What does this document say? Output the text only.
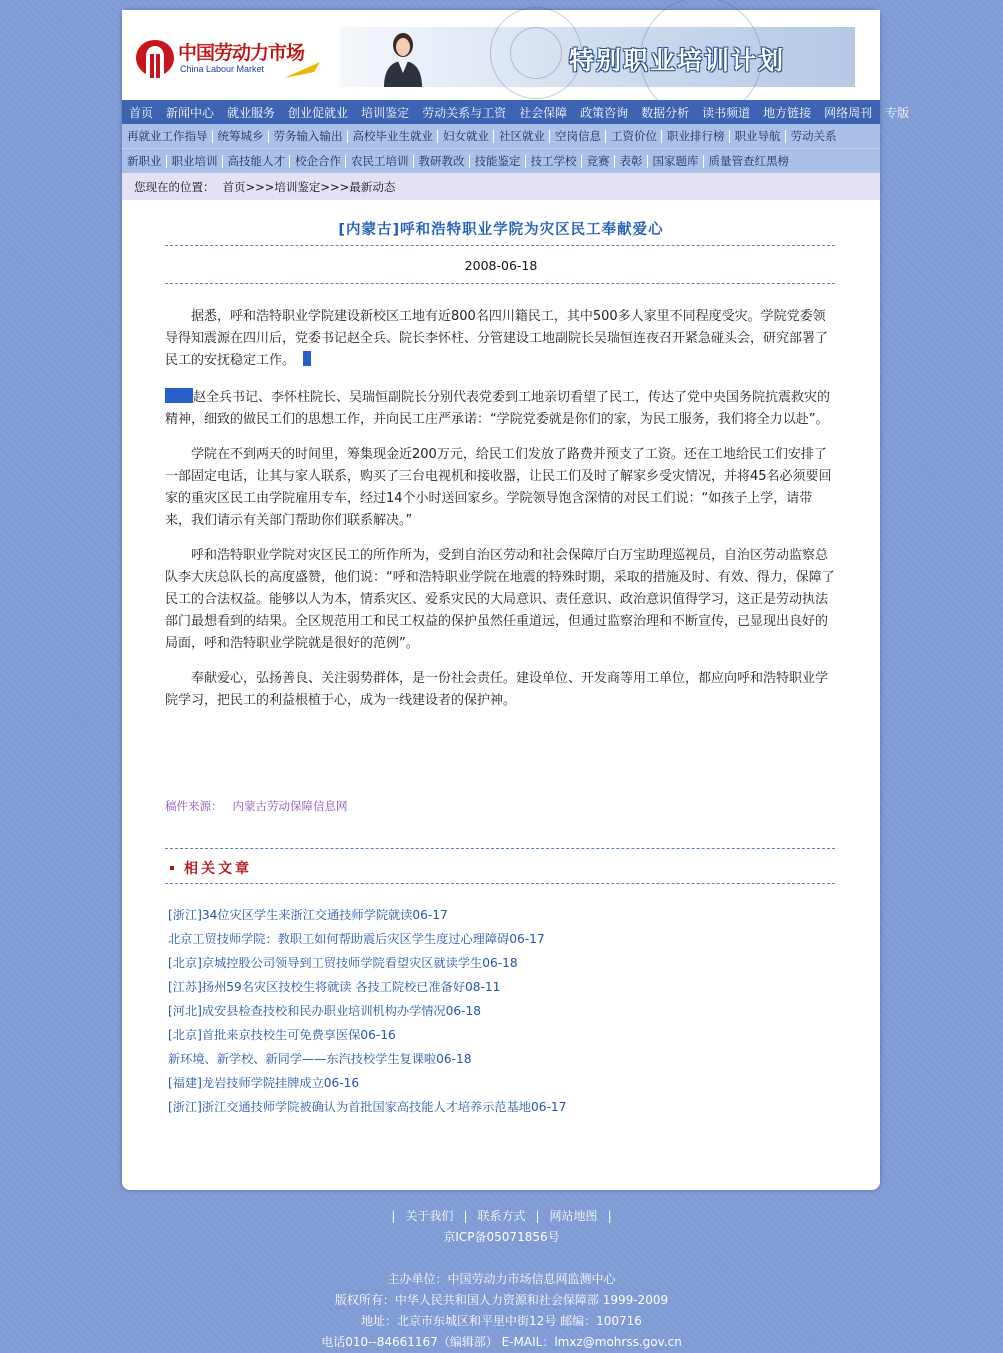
中国劳动力市场
China Labour Market	特别职业培训计划
首页	新闻中心	就业服务	创业促就业	培训鉴定	劳动关系与工资	社会保障	政策咨询	数据分析	读书频道	地方链接	网络周刊	专版
再就业工作指导 统筹城乡 劳务输入输出 高校毕业生就业 妇女就业 社区就业 空岗信息 工资价位 职业排行榜 职业导航 劳动关系
新职业 职业培训 高技能人才 校企合作 农民工培训 教研教改 技能鉴定 技工学校 竞赛 表彰 国家题库 质量管查红黑榜
您现在的位置： 首页>>>培训鉴定>>>最新动态
[内蒙古]呼和浩特职业学院为灾区民工奉献爱心
2008-06-18

据悉，呼和浩特职业学院建设新校区工地有近800名四川籍民工，其中500多人家里不同程度受灾。学院党委领导得知震源在四川后，党委书记赵全兵、院长李怀柱、分管建设工地副院长吴瑞恒连夜召开紧急碰头会，研究部署了民工的安抚稳定工作。

赵全兵书记、李怀柱院长、吴瑞恒副院长分别代表党委到工地亲切看望了民工，传达了党中央国务院抗震救灾的精神，细致的做民工们的思想工作，并向民工庄严承诺：“学院党委就是你们的家，为民工服务，我们将全力以赴”。

学院在不到两天的时间里，筹集现金近200万元，给民工们发放了路费并预支了工资。还在工地给民工们安排了一部固定电话，让其与家人联系，购买了三台电视机和接收器，让民工们及时了解家乡受灾情况，并将45名必须要回家的重灾区民工由学院雇用专车，经过14个小时送回家乡。学院领导饱含深情的对民工们说：“如孩子上学，请带来，我们请示有关部门帮助你们联系解决。”

呼和浩特职业学院对灾区民工的所作所为，受到自治区劳动和社会保障厅白万宝助理巡视员，自治区劳动监察总队李大庆总队长的高度盛赞，他们说：“呼和浩特职业学院在地震的特殊时期，采取的措施及时、有效、得力，保障了民工的合法权益。能够以人为本，情系灾区、爱系灾民的大局意识、责任意识、政治意识值得学习，这正是劳动执法部门最想看到的结果。全区规范用工和民工权益的保护虽然任重道远，但通过监察治理和不断宣传，已显现出良好的局面，呼和浩特职业学院就是很好的范例”。

奉献爱心，弘扬善良、关注弱势群体，是一份社会责任。建设单位、开发商等用工单位，都应向呼和浩特职业学院学习，把民工的利益根植于心，成为一线建设者的保护神。

稿件来源： 内蒙古劳动保障信息网
相关文章
[浙江]34位灾区学生来浙江交通技师学院就读06-17
北京工贸技师学院：教职工如何帮助震后灾区学生度过心理障碍06-17
[北京]京城控股公司领导到工贸技师学院看望灾区就读学生06-18
[江苏]扬州59名灾区技校生将就读 各技工院校已准备好08-11
[河北]成安县检查技校和民办职业培训机构办学情况06-18
[北京]首批来京技校生可免费享医保06-16
新环境、新学校、新同学——东汽技校学生复课啦06-18
[福建]龙岩技师学院挂牌成立06-16
[浙江]浙江交通技师学院被确认为首批国家高技能人才培养示范基地06-17
| 关于我们 | 联系方式 | 网站地图 |
京ICP备05071856号
主办单位：中国劳动力市场信息网监测中心
版权所有：中华人民共和国人力资源和社会保障部 1999-2009
地址：北京市东城区和平里中街12号 邮编：100716
电话010--84661167（编辑部） E-MAIL：lmxz@mohrss.gov.cn
